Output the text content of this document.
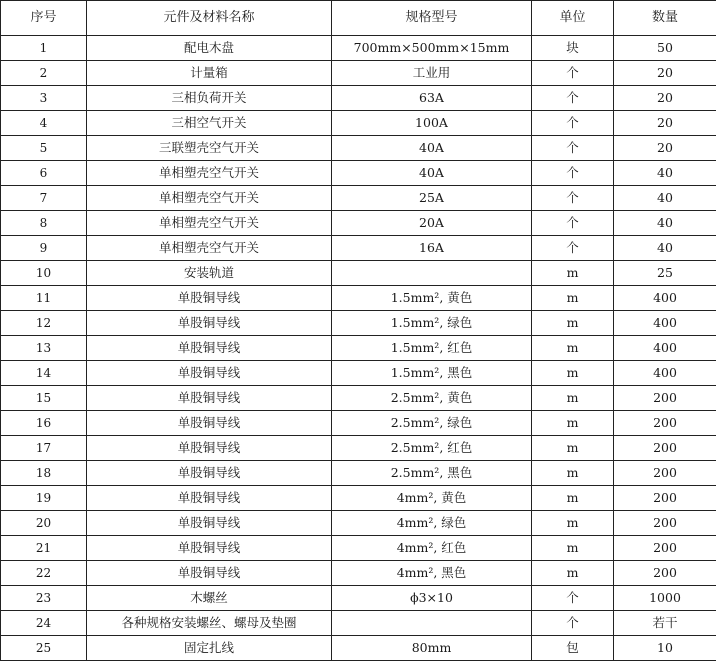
序号	元件及材料名称	规格型号	单位	数量
1	配电木盘	700mm×500mm×15mm	块	50
2	计量箱	工业用	个	20
3	三相负荷开关	63A	个	20
4	三相空气开关	100A	个	20
5	三联塑壳空气开关	40A	个	20
6	单相塑壳空气开关	40A	个	40
7	单相塑壳空气开关	25A	个	40
8	单相塑壳空气开关	20A	个	40
9	单相塑壳空气开关	16A	个	40
10	安装轨道		m	25
11	单股铜导线	1.5mm², 黄色	m	400
12	单股铜导线	1.5mm², 绿色	m	400
13	单股铜导线	1.5mm², 红色	m	400
14	单股铜导线	1.5mm², 黑色	m	400
15	单股铜导线	2.5mm², 黄色	m	200
16	单股铜导线	2.5mm², 绿色	m	200
17	单股铜导线	2.5mm², 红色	m	200
18	单股铜导线	2.5mm², 黑色	m	200
19	单股铜导线	4mm², 黄色	m	200
20	单股铜导线	4mm², 绿色	m	200
21	单股铜导线	4mm², 红色	m	200
22	单股铜导线	4mm², 黑色	m	200
23	木螺丝	ϕ3×10	个	1000
24	各种规格安装螺丝、螺母及垫圈		个	若干
25	固定扎线	80mm	包	10
